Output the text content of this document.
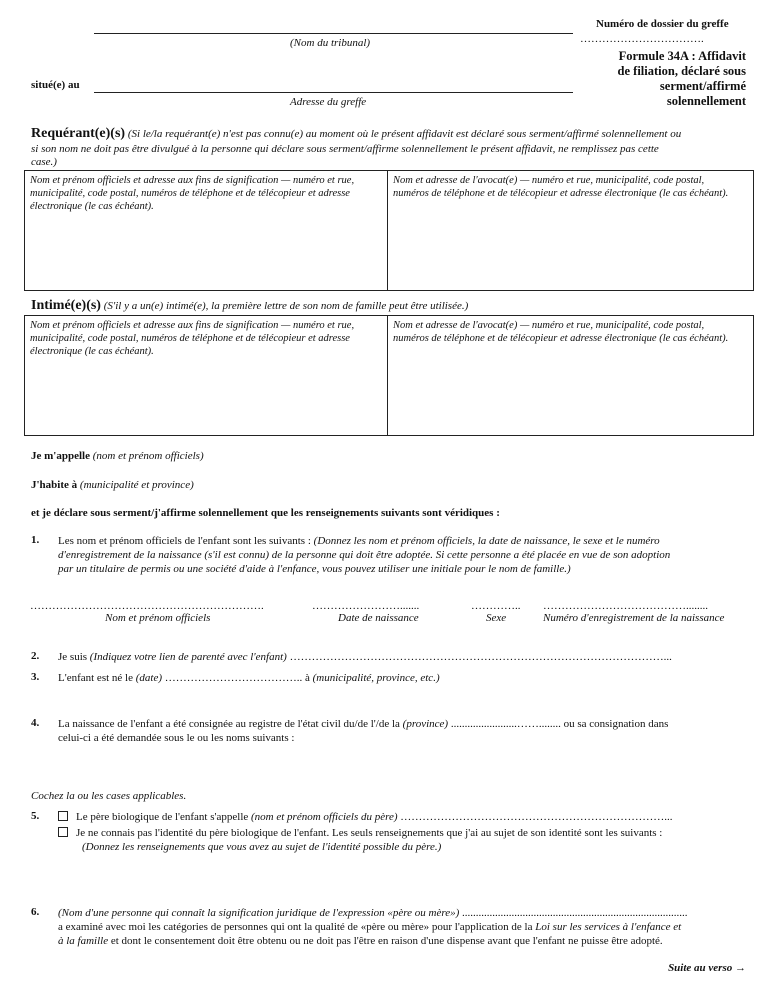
(Nom du tribunal)
situé(e) au
Adresse du greffe
Numéro de dossier du greffe
…………………………….
Formule 34A : Affidavit
de filiation, déclaré sous
serment/affirmé
solennellement
Requérant(e)(s) (Si le/la requérant(e) n'est pas connu(e) au moment où le présent affidavit est déclaré sous serment/affirmé solennellement ou
si son nom ne doit pas être divulgué à la personne qui déclare sous serment/affirme solennellement le présent affidavit, ne remplissez pas cette
case.)
Nom et prénom officiels et adresse aux fins de signification — numéro et rue, municipalité, code postal, numéros de téléphone et de télécopieur et adresse électronique (le cas échéant).
Nom et adresse de l'avocat(e) — numéro et rue, municipalité, code postal, numéros de téléphone et de télécopieur et adresse électronique (le cas échéant).
Intimé(e)(s) (S'il y a un(e) intimé(e), la première lettre de son nom de famille peut être utilisée.)
Nom et prénom officiels et adresse aux fins de signification — numéro et rue, municipalité, code postal, numéros de téléphone et de télécopieur et adresse électronique (le cas échéant).
Nom et adresse de l'avocat(e) — numéro et rue, municipalité, code postal, numéros de téléphone et de télécopieur et adresse électronique (le cas échéant).
Je m'appelle (nom et prénom officiels)
J'habite à (municipalité et province)
et je déclare sous serment/j'affirme solennellement que les renseignements suivants sont véridiques :
1. Les nom et prénom officiels de l'enfant sont les suivants : (Donnez les nom et prénom officiels, la date de naissance, le sexe et le numéro
d'enregistrement de la naissance (s'il est connu) de la personne qui doit être adoptée. Si cette personne a été placée en vue de son adoption
par un titulaire de permis ou une société d'aide à l'enfance, vous pouvez utiliser une initiale pour le nom de famille.)
……………………………………………………….	…………………….......	………….. …………………………………........
Nom et prénom officiels	Date de naissance	Sexe	Numéro d'enregistrement de la naissance
2. Je suis (Indiquez votre lien de parenté avec l'enfant) …………………………………………………………………………………………...
3. L'enfant est né le (date) ……………………………….. à (municipalité, province, etc.)
4. La naissance de l'enfant a été consignée au registre de l'état civil du/de l'/de la (province) ........................……........ ou sa consignation dans
celui-ci a été demandée sous le ou les noms suivants :
Cochez la ou les cases applicables.
5.	Le père biologique de l'enfant s'appelle (nom et prénom officiels du père) ………………………………………………………………...
Je ne connais pas l'identité du père biologique de l'enfant. Les seuls renseignements que j'ai au sujet de son identité sont les suivants :
(Donnez les renseignements que vous avez au sujet de l'identité possible du père.)
6. (Nom d'une personne qui connaît la signification juridique de l'expression «père ou mère») ..................................................................................
a examiné avec moi les catégories de personnes qui ont la qualité de «père ou mère» pour l'application de la Loi sur les services à l'enfance et
à la famille et dont le consentement doit être obtenu ou ne doit pas l'être en raison d'une dispense avant que l'enfant ne puisse être adopté.
Suite au verso →
